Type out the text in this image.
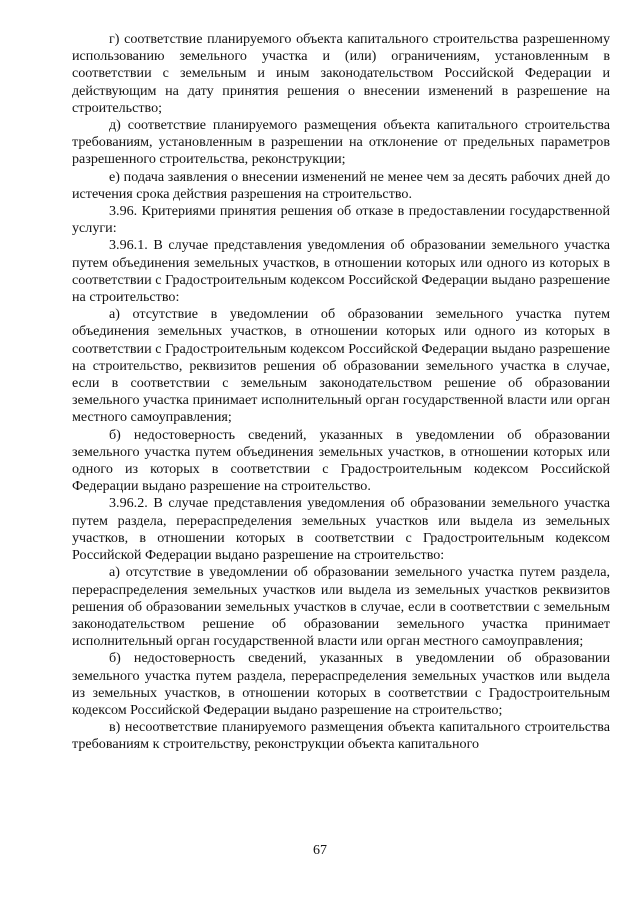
г) соответствие планируемого объекта капитального строительства разрешенному использованию земельного участка и (или) ограничениям, установленным в соответствии с земельным и иным законодательством Российской Федерации и действующим на дату принятия решения о внесении изменений в разрешение на строительство;

д) соответствие планируемого размещения объекта капитального строительства требованиям, установленным в разрешении на отклонение от предельных параметров разрешенного строительства, реконструкции;

е) подача заявления о внесении изменений не менее чем за десять рабочих дней до истечения срока действия разрешения на строительство.

3.96. Критериями принятия решения об отказе в предоставлении государственной услуги:

3.96.1. В случае представления уведомления об образовании земельного участка путем объединения земельных участков, в отношении которых или одного из которых в соответствии с Градостроительным кодексом Российской Федерации выдано разрешение на строительство:

а) отсутствие в уведомлении об образовании земельного участка путем объединения земельных участков, в отношении которых или одного из которых в соответствии с Градостроительным кодексом Российской Федерации выдано разрешение на строительство, реквизитов решения об образовании земельного участка в случае, если в соответствии с земельным законодательством решение об образовании земельного участка принимает исполнительный орган государственной власти или орган местного самоуправления;

б) недостоверность сведений, указанных в уведомлении об образовании земельного участка путем объединения земельных участков, в отношении которых или одного из которых в соответствии с Градостроительным кодексом Российской Федерации выдано разрешение на строительство.

3.96.2. В случае представления уведомления об образовании земельного участка путем раздела, перераспределения земельных участков или выдела из земельных участков, в отношении которых в соответствии с Градостроительным кодексом Российской Федерации выдано разрешение на строительство:

а) отсутствие в уведомлении об образовании земельного участка путем раздела, перераспределения земельных участков или выдела из земельных участков реквизитов решения об образовании земельных участков в случае, если в соответствии с земельным законодательством решение об образовании земельного участка принимает исполнительный орган государственной власти или орган местного самоуправления;

б) недостоверность сведений, указанных в уведомлении об образовании земельного участка путем раздела, перераспределения земельных участков или выдела из земельных участков, в отношении которых в соответствии с Градостроительным кодексом Российской Федерации выдано разрешение на строительство;

в) несоответствие планируемого размещения объекта капитального строительства требованиям к строительству, реконструкции объекта капитального

67
